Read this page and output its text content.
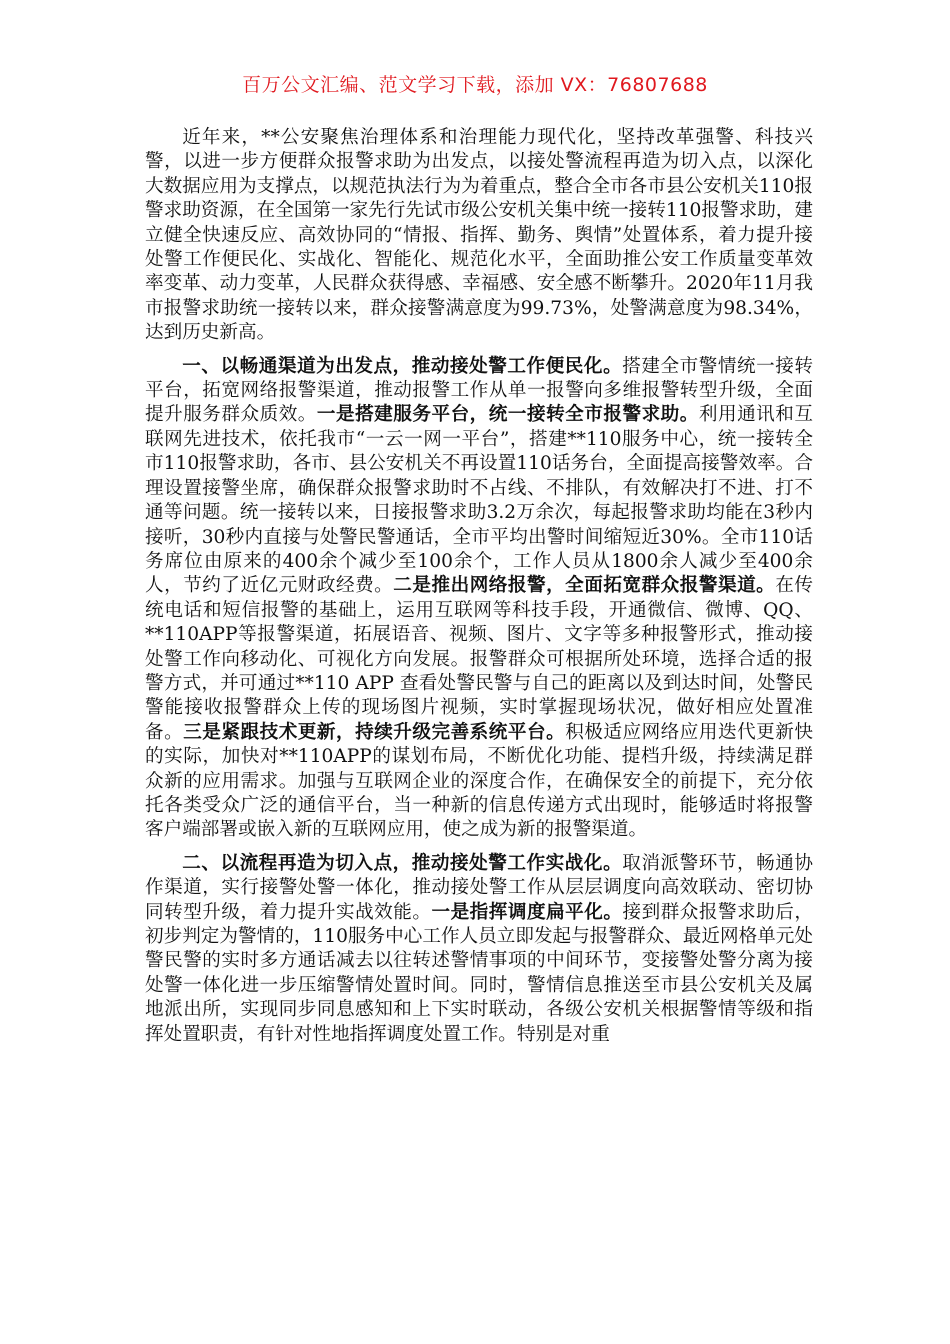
百万公文汇编、范文学习下载，添加 VX：76807688

近年来，**公安聚焦治理体系和治理能力现代化，坚持改革强警、科技兴警，以进一步方便群众报警求助为出发点，以接处警流程再造为切入点，以深化大数据应用为支撑点，以规范执法行为为着重点，整合全市各市县公安机关110报警求助资源，在全国第一家先行先试市级公安机关集中统一接转110报警求助，建立健全快速反应、高效协同的“情报、指挥、勤务、舆情”处置体系，着力提升接处警工作便民化、实战化、智能化、规范化水平，全面助推公安工作质量变革效率变革、动力变革，人民群众获得感、幸福感、安全感不断攀升。2020年11月我市报警求助统一接转以来，群众接警满意度为99.73%，处警满意度为98.34%，达到历史新高。

一、以畅通渠道为出发点，推动接处警工作便民化。搭建全市警情统一接转平台，拓宽网络报警渠道，推动报警工作从单一报警向多维报警转型升级，全面提升服务群众质效。一是搭建服务平台，统一接转全市报警求助。利用通讯和互联网先进技术，依托我市“一云一网一平台”，搭建**110服务中心，统一接转全市110报警求助，各市、县公安机关不再设置110话务台，全面提高接警效率。合理设置接警坐席，确保群众报警求助时不占线、不排队，有效解决打不进、打不通等问题。统一接转以来，日接报警求助3.2万余次，每起报警求助均能在3秒内接听，30秒内直接与处警民警通话，全市平均出警时间缩短近30%。全市110话务席位由原来的400余个减少至100余个，工作人员从1800余人减少至400余人，节约了近亿元财政经费。二是推出网络报警，全面拓宽群众报警渠道。在传统电话和短信报警的基础上，运用互联网等科技手段，开通微信、微博、QQ、**110APP等报警渠道，拓展语音、视频、图片、文字等多种报警形式，推动接处警工作向移动化、可视化方向发展。报警群众可根据所处环境，选择合适的报警方式，并可通过**110 APP 查看处警民警与自己的距离以及到达时间，处警民警能接收报警群众上传的现场图片视频，实时掌握现场状况，做好相应处置准备。三是紧跟技术更新，持续升级完善系统平台。积极适应网络应用迭代更新快的实际，加快对**110APP的谋划布局，不断优化功能、提档升级，持续满足群众新的应用需求。加强与互联网企业的深度合作，在确保安全的前提下，充分依托各类受众广泛的通信平台，当一种新的信息传递方式出现时，能够适时将报警客户端部署或嵌入新的互联网应用，使之成为新的报警渠道。

二、以流程再造为切入点，推动接处警工作实战化。取消派警环节，畅通协作渠道，实行接警处警一体化，推动接处警工作从层层调度向高效联动、密切协同转型升级，着力提升实战效能。一是指挥调度扁平化。接到群众报警求助后，初步判定为警情的，110服务中心工作人员立即发起与报警群众、最近网格单元处警民警的实时多方通话减去以往转述警情事项的中间环节，变接警处警分离为接处警一体化进一步压缩警情处置时间。同时，警情信息推送至市县公安机关及属地派出所，实现同步同息感知和上下实时联动，各级公安机关根据警情等级和指挥处置职责，有针对性地指挥调度处置工作。特别是对重
